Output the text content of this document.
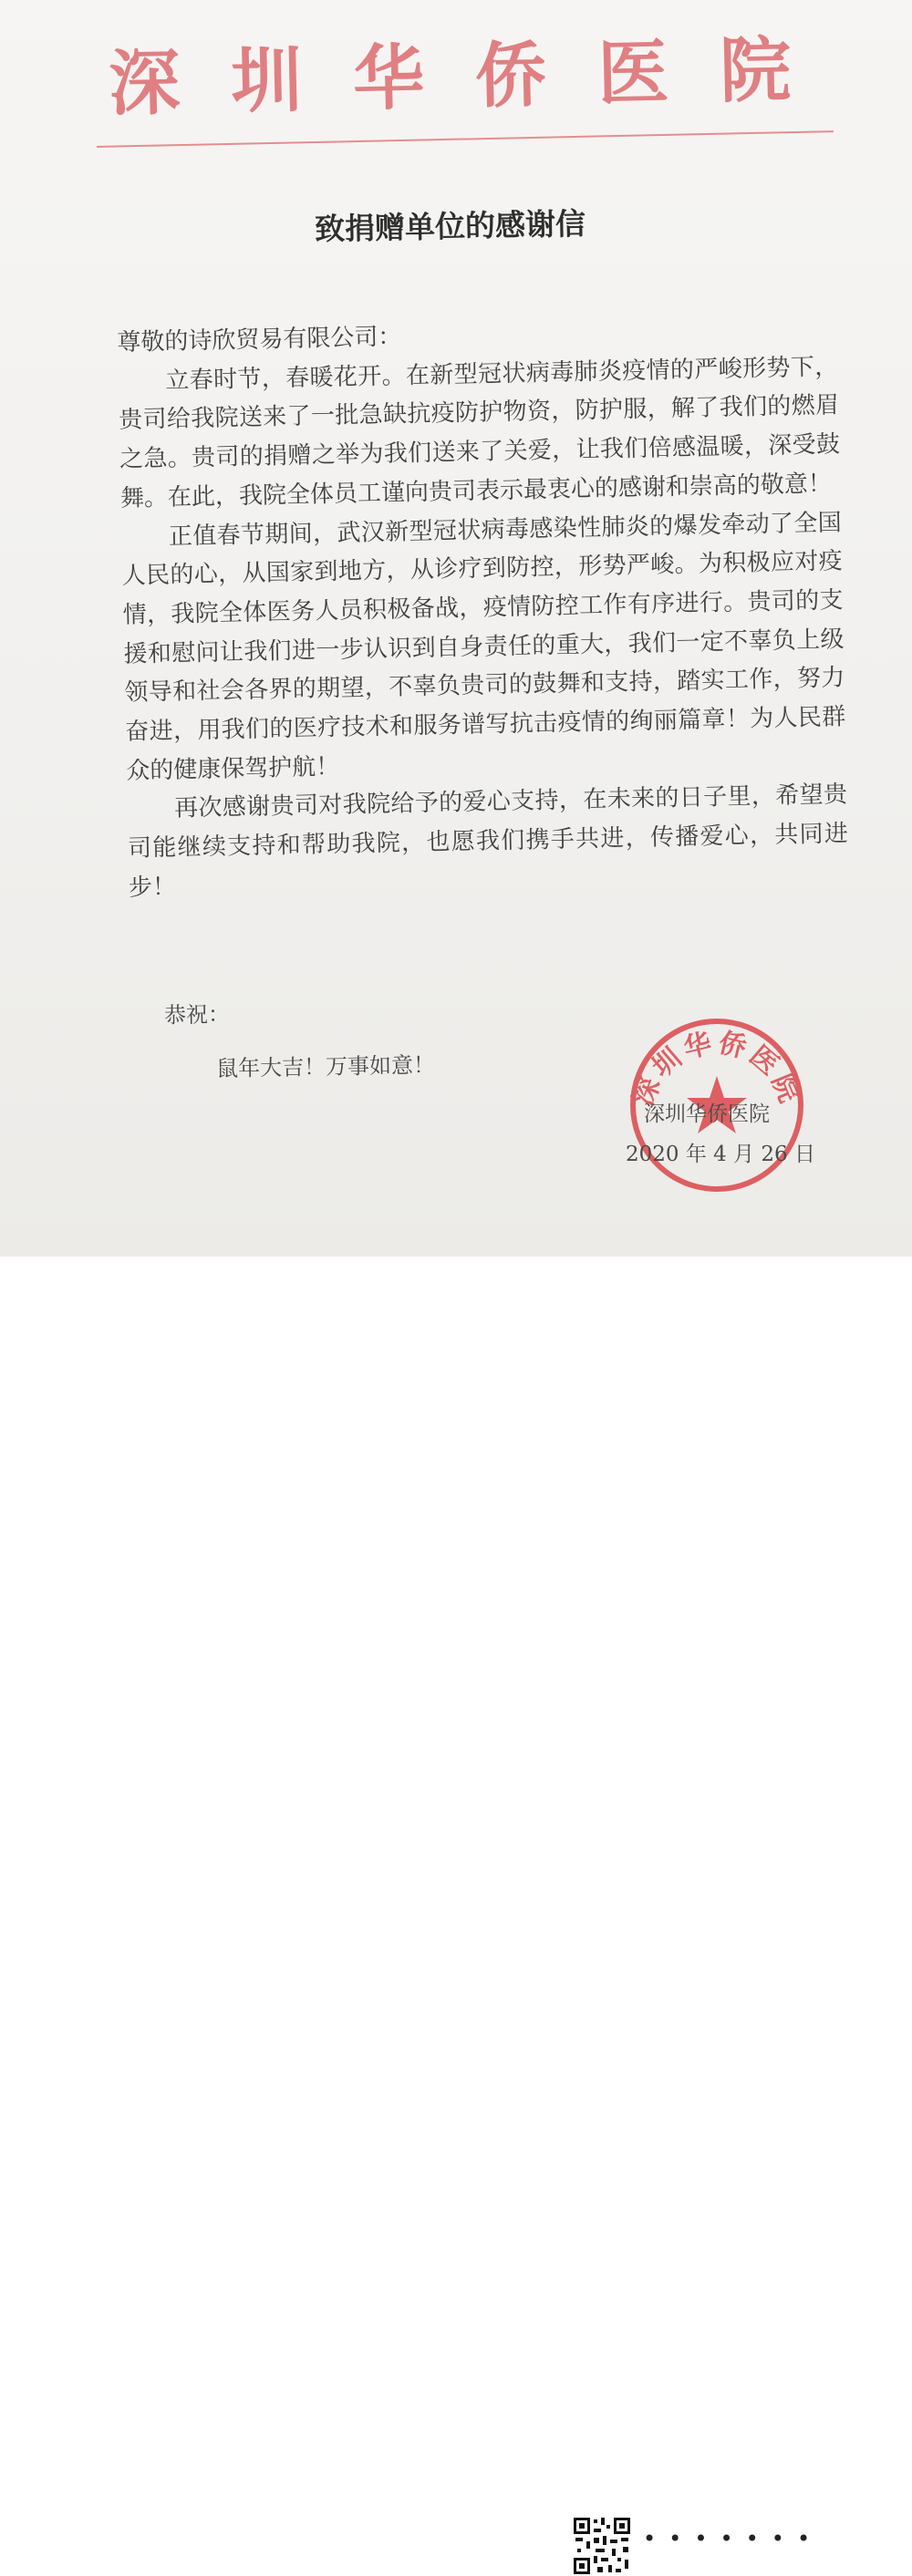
深圳华侨医院
致捐赠单位的感谢信

尊敬的诗欣贸易有限公司：

立春时节，春暖花开。在新型冠状病毒肺炎疫情的严峻形势下，贵司给我院送来了一批急缺抗疫防护物资，防护服，解了我们的燃眉之急。贵司的捐赠之举为我们送来了关爱，让我们倍感温暖，深受鼓舞。在此，我院全体员工谨向贵司表示最衷心的感谢和崇高的敬意！

正值春节期间，武汉新型冠状病毒感染性肺炎的爆发牵动了全国人民的心，从国家到地方，从诊疗到防控，形势严峻。为积极应对疫情，我院全体医务人员积极备战，疫情防控工作有序进行。贵司的支援和慰问让我们进一步认识到自身责任的重大，我们一定不辜负上级领导和社会各界的期望，不辜负贵司的鼓舞和支持，踏实工作，努力奋进，用我们的医疗技术和服务谱写抗击疫情的绚丽篇章！为人民群众的健康保驾护航！

再次感谢贵司对我院给予的爱心支持，在未来的日子里，希望贵司能继续支持和帮助我院，也愿我们携手共进，传播爱心，共同进步！

恭祝：
鼠年大吉！万事如意！
深圳华侨医院
深圳华侨医院
2020 年 4 月 26 日
•••••••
